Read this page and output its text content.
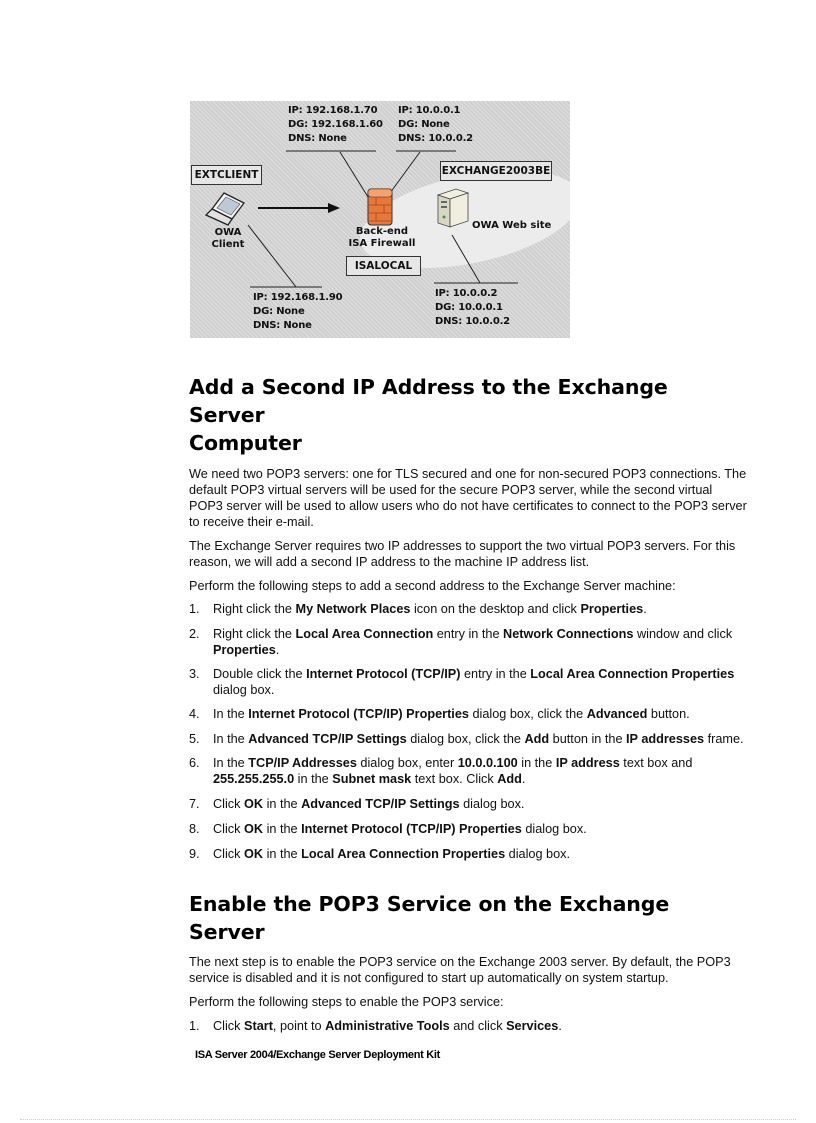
IP: 192.168.1.70
DG: 192.168.1.60
DNS: None
IP: 10.0.0.1
DG: None
DNS: 10.0.0.2
EXTCLIENT	EXCHANGE2003BE
ISALOCAL
OWA
Client
Back-end
ISA Firewall
OWA Web site
IP: 192.168.1.90
DG: None
DNS: None
IP: 10.0.0.2
DG: 10.0.0.1
DNS: 10.0.0.2
Add a Second IP Address to the Exchange Server
Computer

We need two POP3 servers: one for TLS secured and one for non-secured POP3 connections. The default POP3 virtual servers will be used for the secure POP3 server, while the second virtual POP3 server will be used to allow users who do not have certificates to connect to the POP3 server to receive their e-mail.

The Exchange Server requires two IP addresses to support the two virtual POP3 servers. For this reason, we will add a second IP address to the machine IP address list.

Perform the following steps to add a second address to the Exchange Server machine:

1. Right click the My Network Places icon on the desktop and click Properties.
2. Right click the Local Area Connection entry in the Network Connections window and click Properties.
3. Double click the Internet Protocol (TCP/IP) entry in the Local Area Connection Properties dialog box.
4. In the Internet Protocol (TCP/IP) Properties dialog box, click the Advanced button.
5. In the Advanced TCP/IP Settings dialog box, click the Add button in the IP addresses frame.
6. In the TCP/IP Addresses dialog box, enter 10.0.0.100 in the IP address text box and 255.255.255.0 in the Subnet mask text box. Click Add.
7. Click OK in the Advanced TCP/IP Settings dialog box.
8. Click OK in the Internet Protocol (TCP/IP) Properties dialog box.
9. Click OK in the Local Area Connection Properties dialog box.
Enable the POP3 Service on the Exchange Server

The next step is to enable the POP3 service on the Exchange 2003 server. By default, the POP3 service is disabled and it is not configured to start up automatically on system startup.

Perform the following steps to enable the POP3 service:

1. Click Start, point to Administrative Tools and click Services.
ISA Server 2004/Exchange Server Deployment Kit
